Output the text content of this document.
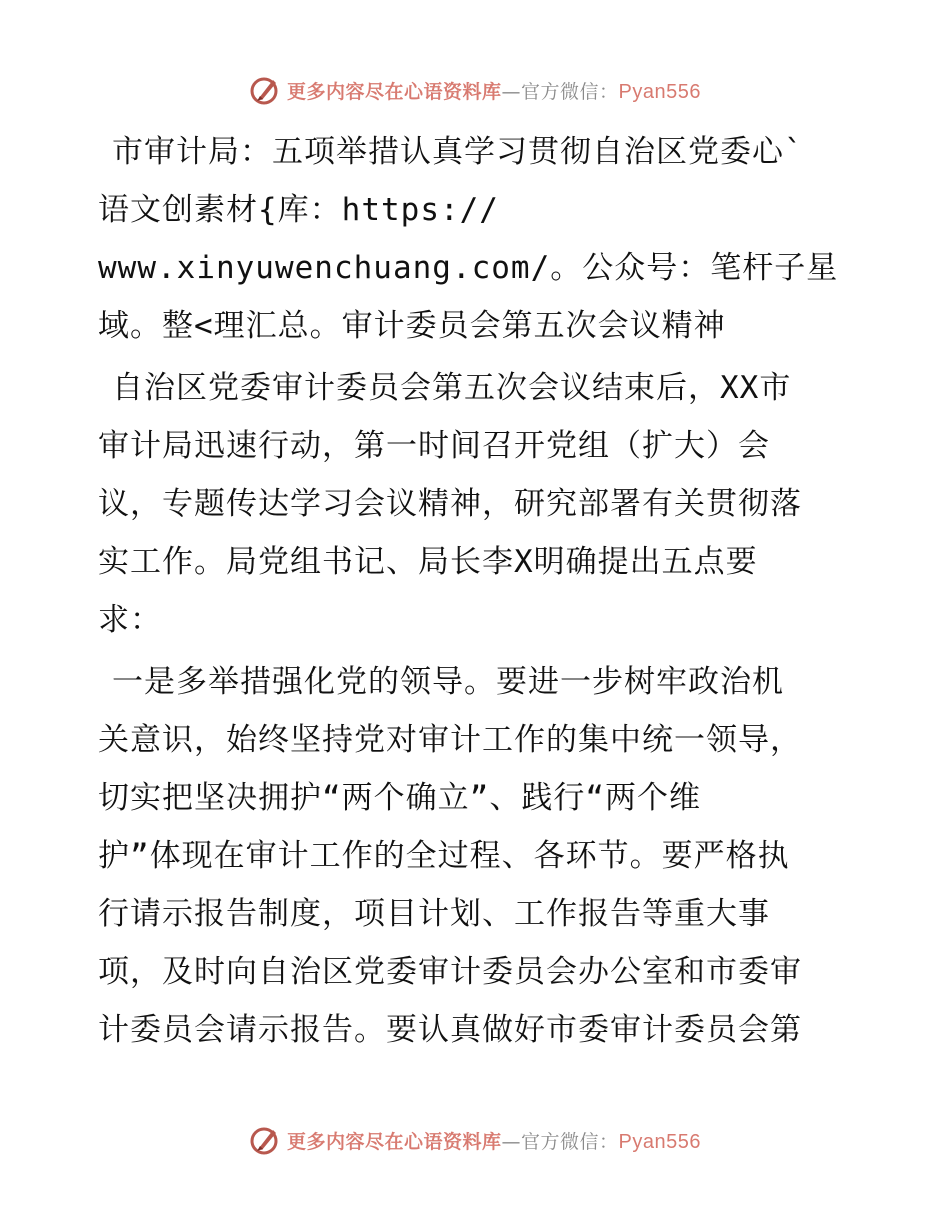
更多内容尽在心语资料库—官方微信：Pyan556
市审计局：五项举措认真学习贯彻自治区党委心`
语文创素材{库：https://
www.xinyuwenchuang.com/。公众号：笔杆子星
域。整<理汇总。审计委员会第五次会议精神
自治区党委审计委员会第五次会议结束后，XX市
审计局迅速行动，第一时间召开党组（扩大）会
议，专题传达学习会议精神，研究部署有关贯彻落
实工作。局党组书记、局长李X明确提出五点要
求：
一是多举措强化党的领导。要进一步树牢政治机
关意识，始终坚持党对审计工作的集中统一领导，
切实把坚决拥护“两个确立”、践行“两个维
护”体现在审计工作的全过程、各环节。要严格执
行请示报告制度，项目计划、工作报告等重大事
项，及时向自治区党委审计委员会办公室和市委审
计委员会请示报告。要认真做好市委审计委员会第
更多内容尽在心语资料库—官方微信：Pyan556
